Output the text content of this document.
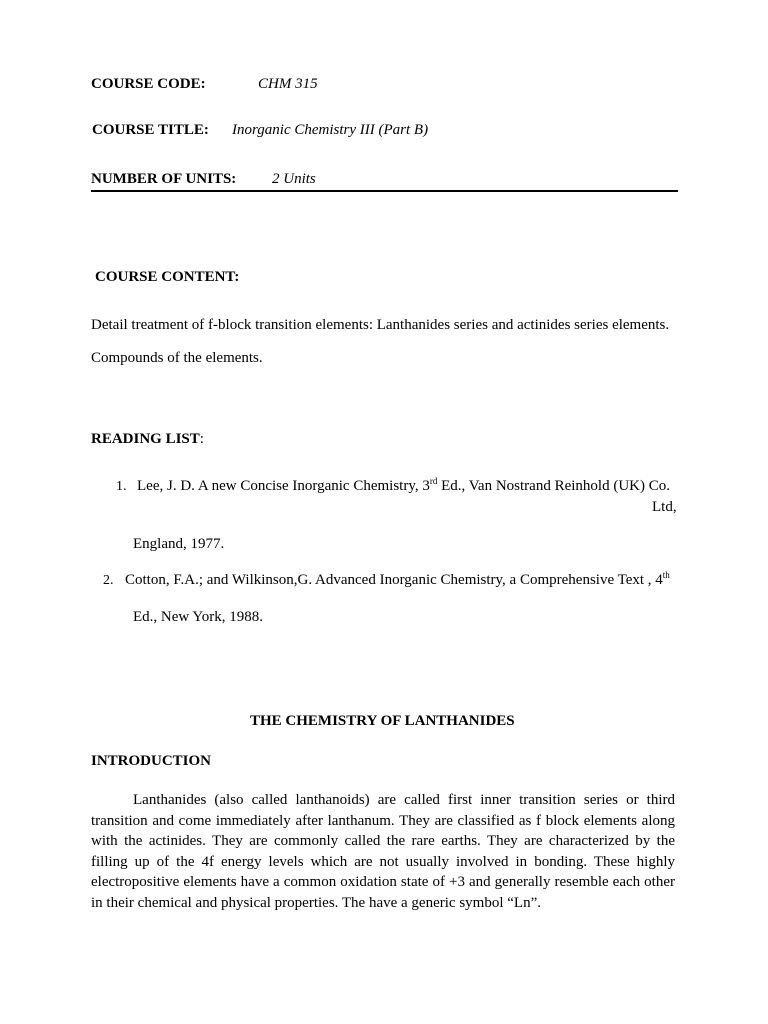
COURSE CODE:	CHM 315
COURSE TITLE: Inorganic Chemistry III (Part B)
NUMBER OF UNITS: 2 Units
COURSE CONTENT:
Detail treatment of f-block transition elements: Lanthanides series and actinides series elements.
Compounds of the elements.
READING LIST:
1. Lee, J. D. A new Concise Inorganic Chemistry, 3rd Ed., Van Nostrand Reinhold (UK) Co.
Ltd,
England, 1977.
2. Cotton, F.A.; and Wilkinson,G. Advanced Inorganic Chemistry, a Comprehensive Text , 4th
Ed., New York, 1988.
THE CHEMISTRY OF LANTHANIDES
INTRODUCTION
Lanthanides (also called lanthanoids) are called first inner transition series or third transition and come immediately after lanthanum. They are classified as f block elements along with the actinides. They are commonly called the rare earths. They are characterized by the filling up of the 4f energy levels which are not usually involved in bonding. These highly electropositive elements have a common oxidation state of +3 and generally resemble each other in their chemical and physical properties. The have a generic symbol “Ln”.
